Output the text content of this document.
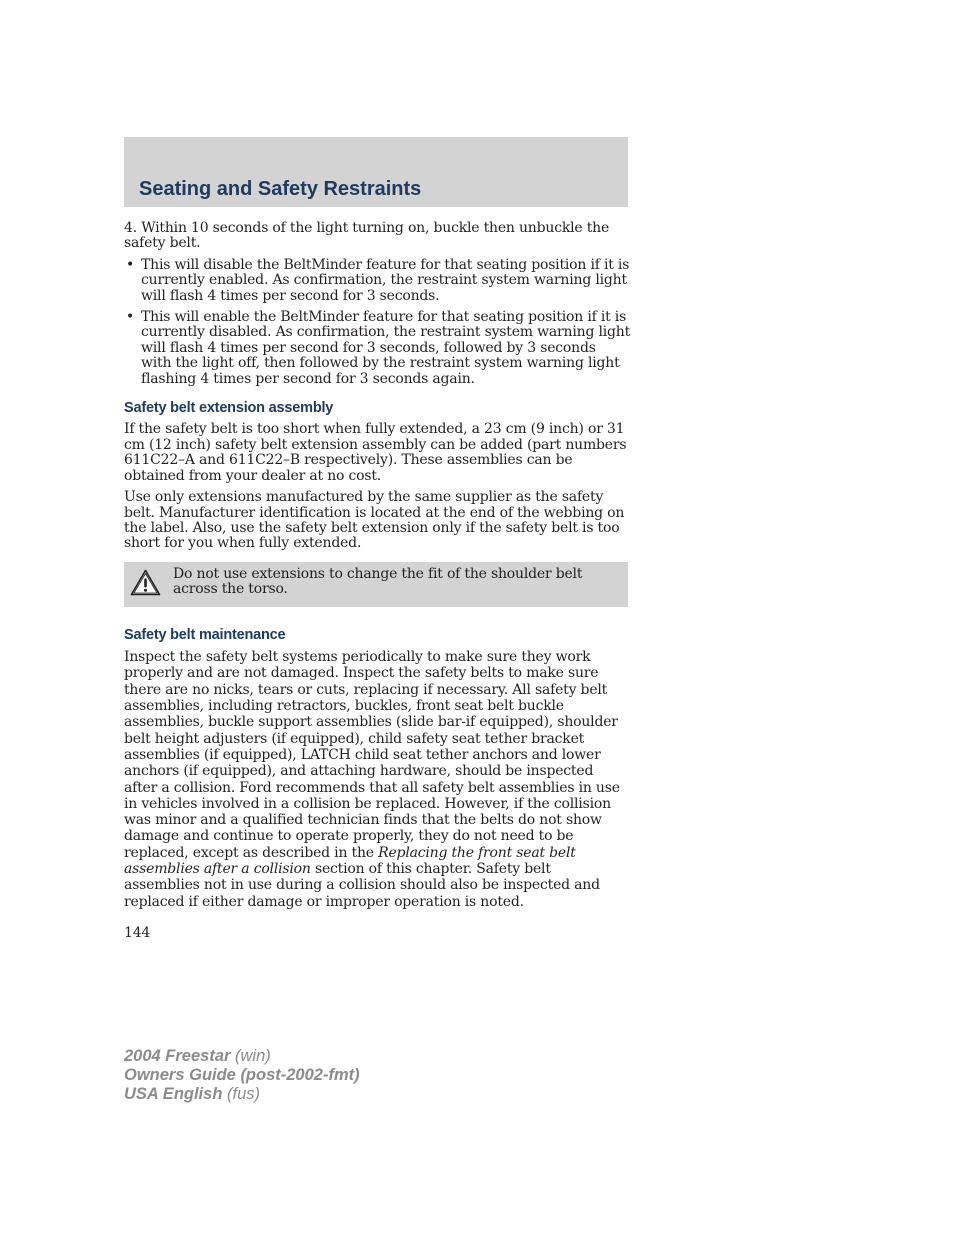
Seating and Safety Restraints

4. Within 10 seconds of the light turning on, buckle then unbuckle the safety belt.

• This will disable the BeltMinder feature for that seating position if it is currently enabled. As confirmation, the restraint system warning light will flash 4 times per second for 3 seconds.
• This will enable the BeltMinder feature for that seating position if it is currently disabled. As confirmation, the restraint system warning light will flash 4 times per second for 3 seconds, followed by 3 seconds with the light off, then followed by the restraint system warning light flashing 4 times per second for 3 seconds again.
Safety belt extension assembly

If the safety belt is too short when fully extended, a 23 cm (9 inch) or 31 cm (12 inch) safety belt extension assembly can be added (part numbers 611C22–A and 611C22–B respectively). These assemblies can be obtained from your dealer at no cost.

Use only extensions manufactured by the same supplier as the safety belt. Manufacturer identification is located at the end of the webbing on the label. Also, use the safety belt extension only if the safety belt is too short for you when fully extended.

Do not use extensions to change the fit of the shoulder belt across the torso.
Safety belt maintenance

Inspect the safety belt systems periodically to make sure they work properly and are not damaged. Inspect the safety belts to make sure there are no nicks, tears or cuts, replacing if necessary. All safety belt assemblies, including retractors, buckles, front seat belt buckle assemblies, buckle support assemblies (slide bar-if equipped), shoulder belt height adjusters (if equipped), child safety seat tether bracket assemblies (if equipped), LATCH child seat tether anchors and lower anchors (if equipped), and attaching hardware, should be inspected after a collision. Ford recommends that all safety belt assemblies in use in vehicles involved in a collision be replaced. However, if the collision was minor and a qualified technician finds that the belts do not show damage and continue to operate properly, they do not need to be replaced, except as described in the Replacing the front seat belt assemblies after a collision section of this chapter. Safety belt assemblies not in use during a collision should also be inspected and replaced if either damage or improper operation is noted.

144
2004 Freestar (win)
Owners Guide (post-2002-fmt)
USA English (fus)
